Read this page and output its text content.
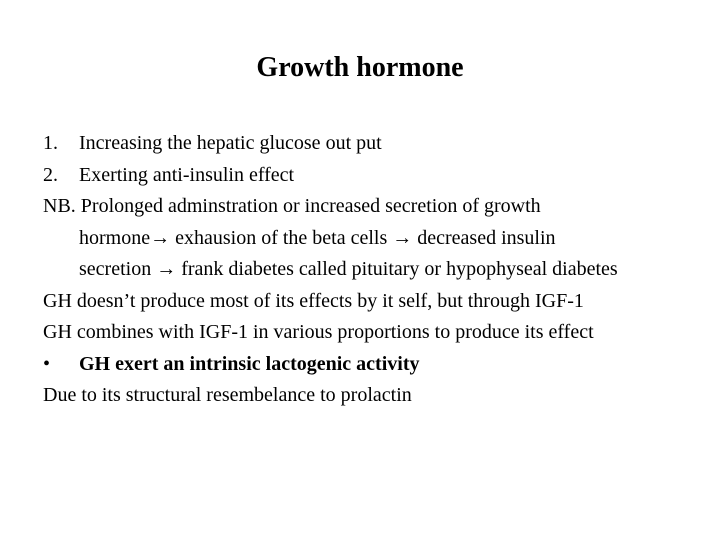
Growth hormone
1. Increasing the hepatic glucose out put
2. Exerting anti-insulin effect
NB. Prolonged adminstration or increased secretion of growth
hormone→ exhausion of the beta cells → decreased insulin
secretion → frank diabetes called pituitary or hypophyseal diabetes
GH doesn’t produce most of its effects by it self, but through IGF-1
GH combines with IGF-1 in various proportions to produce its effect
• GH exert an intrinsic lactogenic activity
Due to its structural resembelance to prolactin
